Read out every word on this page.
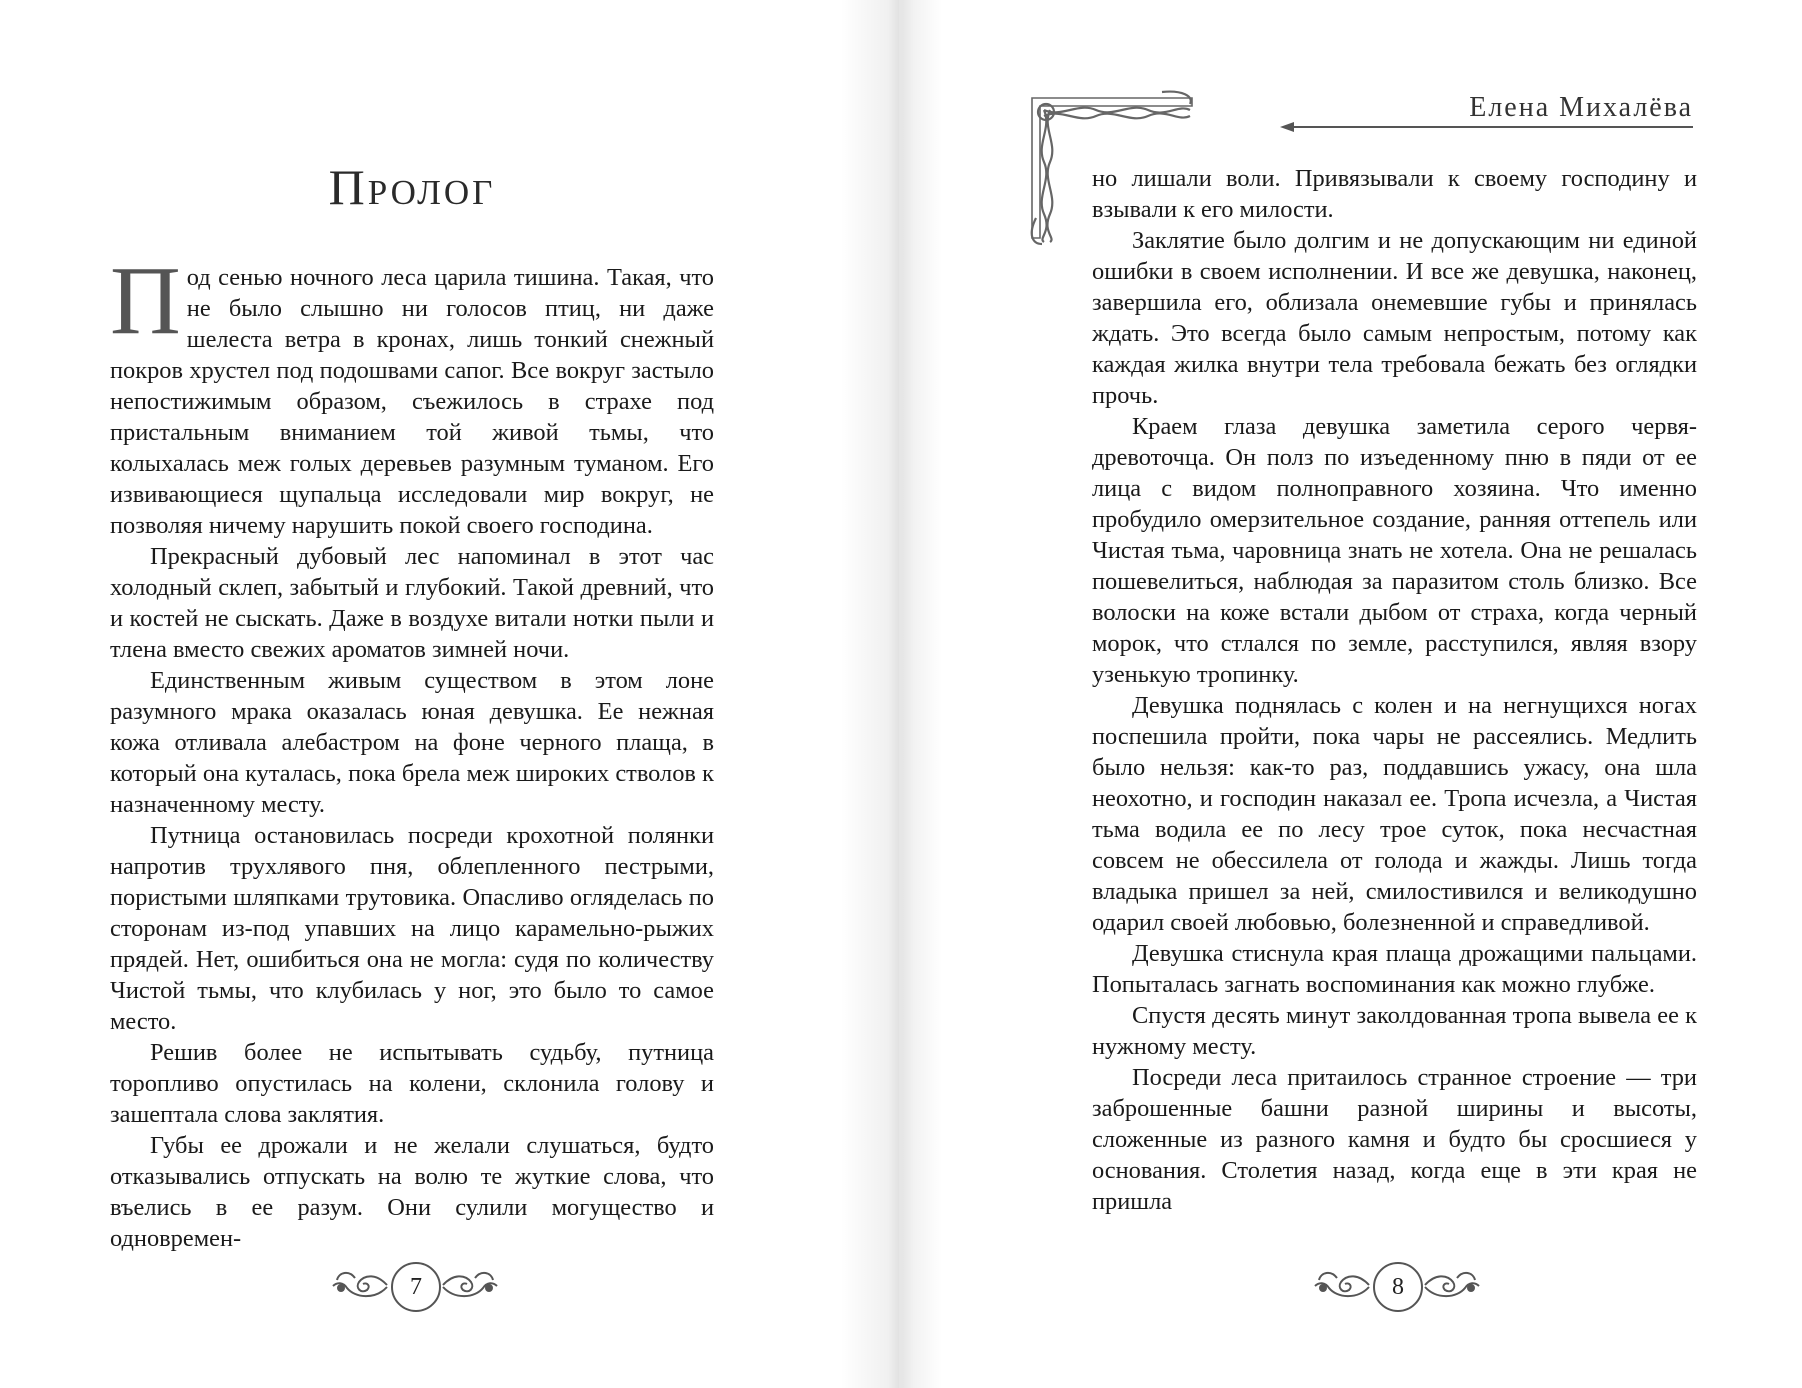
Пролог

Под сенью ночного леса царила тишина. Такая, что не было слышно ни голосов птиц, ни даже шелеста ветра в кронах, лишь тонкий снежный покров хрустел под подошвами сапог. Все вокруг застыло непостижимым образом, съежилось в страхе под пристальным вниманием той живой тьмы, что колыхалась меж голых деревьев разумным туманом. Его извивающиеся щупальца исследовали мир вокруг, не позволяя ничему нарушить покой своего господина.

Прекрасный дубовый лес напоминал в этот час холодный склеп, забытый и глубокий. Такой древний, что и костей не сыскать. Даже в воздухе витали нотки пыли и тлена вместо свежих ароматов зимней ночи.

Единственным живым существом в этом лоне разумного мрака оказалась юная девушка. Ее нежная кожа отливала алебастром на фоне черного плаща, в который она куталась, пока брела меж широких стволов к назначенному месту.

Путница остановилась посреди крохотной полянки напротив трухлявого пня, облепленного пестрыми, пористыми шляпками трутовика. Опасливо огляделась по сторонам из-под упавших на лицо карамельно-рыжих прядей. Нет, ошибиться она не могла: судя по количеству Чистой тьмы, что клубилась у ног, это было то самое место.

Решив более не испытывать судьбу, путница торопливо опустилась на колени, склонила голову и зашептала слова заклятия.

Губы ее дрожали и не желали слушаться, будто отказывались отпускать на волю те жуткие слова, что въелись в ее разум. Они сулили могущество и одновремен-

7
Елена Михалёва

но лишали воли. Привязывали к своему господину и взывали к его милости.

Заклятие было долгим и не допускающим ни единой ошибки в своем исполнении. И все же девушка, наконец, завершила его, облизала онемевшие губы и принялась ждать. Это всегда было самым непростым, потому как каждая жилка внутри тела требовала бежать без оглядки прочь.

Краем глаза девушка заметила серого червя-древоточца. Он полз по изъеденному пню в пяди от ее лица с видом полноправного хозяина. Что именно пробудило омерзительное создание, ранняя оттепель или Чистая тьма, чаровница знать не хотела. Она не решалась пошевелиться, наблюдая за паразитом столь близко. Все волоски на коже встали дыбом от страха, когда черный морок, что стлался по земле, расступился, являя взору узенькую тропинку.

Девушка поднялась с колен и на негнущихся ногах поспешила пройти, пока чары не рассеялись. Медлить было нельзя: как-то раз, поддавшись ужасу, она шла неохотно, и господин наказал ее. Тропа исчезла, а Чистая тьма водила ее по лесу трое суток, пока несчастная совсем не обессилела от голода и жажды. Лишь тогда владыка пришел за ней, смилостивился и великодушно одарил своей любовью, болезненной и справедливой.

Девушка стиснула края плаща дрожащими пальцами. Попыталась загнать воспоминания как можно глубже.

Спустя десять минут заколдованная тропа вывела ее к нужному месту.

Посреди леса притаилось странное строение — три заброшенные башни разной ширины и высоты, сложенные из разного камня и будто бы сросшиеся у основания. Столетия назад, когда еще в эти края не пришла

8
